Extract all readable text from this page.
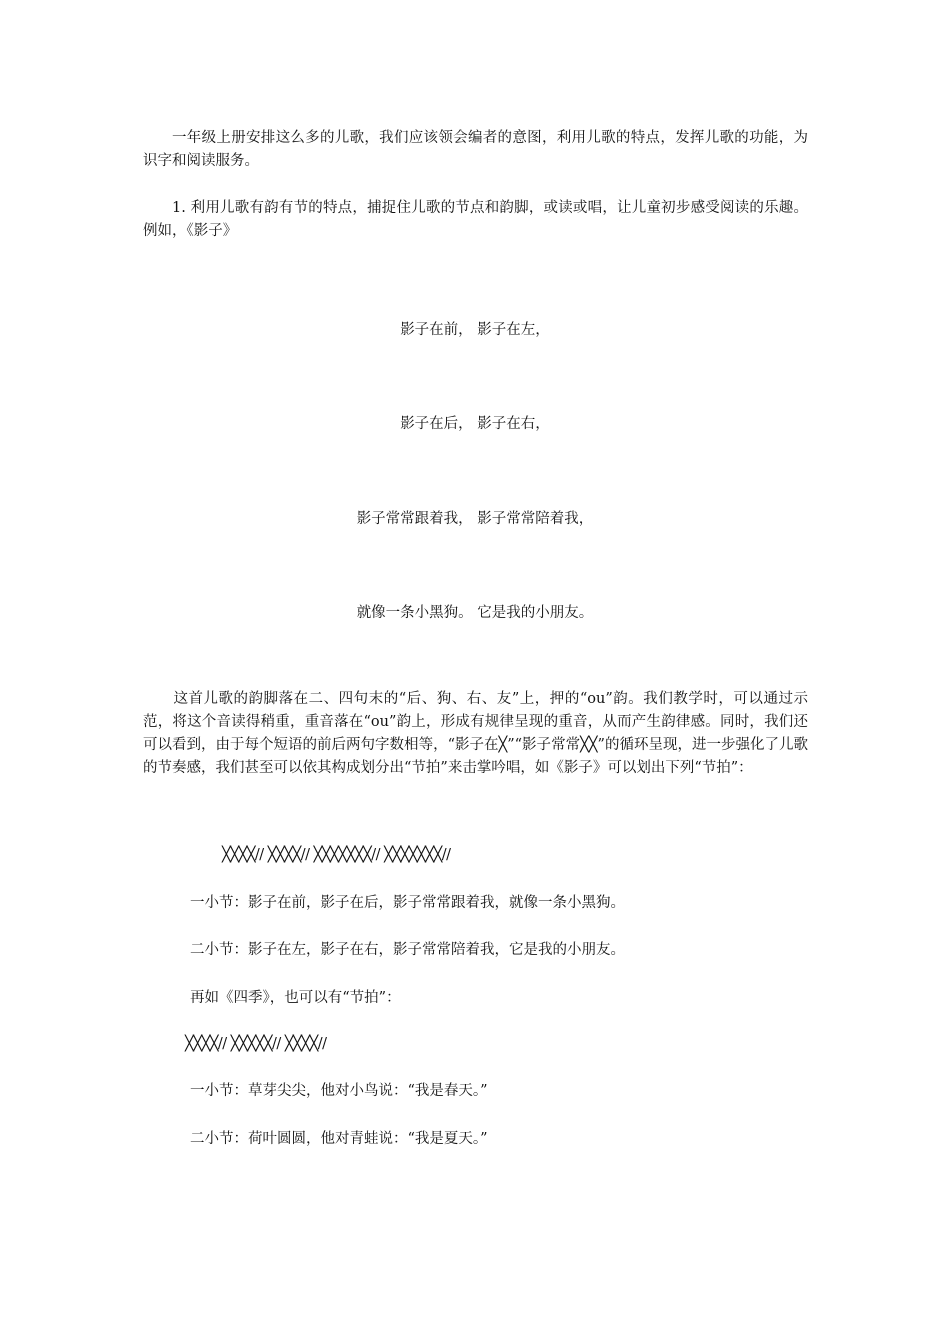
一年级上册安排这么多的儿歌，我们应该领会编者的意图，利用儿歌的特点，发挥儿歌的功能，为识字和阅读服务。

1. 利用儿歌有韵有节的特点，捕捉住儿歌的节点和韵脚，或读或唱，让儿童初步感受阅读的乐趣。例如，《影子》

影子在前， 影子在左，

影子在后， 影子在右，

影子常常跟着我， 影子常常陪着我，

就像一条小黑狗。 它是我的小朋友。

这首儿歌的韵脚落在二、四句末的“后、狗、右、友”上，押的“ou”韵。我们教学时，可以通过示范，将这个音读得稍重，重音落在“ou”韵上，形成有规律呈现的重音，从而产生韵律感。同时，我们还可以看到，由于每个短语的前后两句字数相等，“影子在╳”“影子常常╳╳”的循环呈现，进一步强化了儿歌的节奏感，我们甚至可以依其构成划分出“节拍”来击掌吟唱，如《影子》可以划出下列“节拍”：

╳╳╳╳// ╳╳╳╳// ╳╳╳╳╳╳╳// ╳╳╳╳╳╳╳//

一小节：影子在前，影子在后，影子常常跟着我，就像一条小黑狗。

二小节：影子在左，影子在右，影子常常陪着我，它是我的小朋友。

再如《四季》，也可以有“节拍”：

╳╳╳╳// ╳╳╳╳╳// ╳╳╳╳//

一小节：草芽尖尖，他对小鸟说：“我是春天。”

二小节：荷叶圆圆，他对青蛙说：“我是夏天。”
